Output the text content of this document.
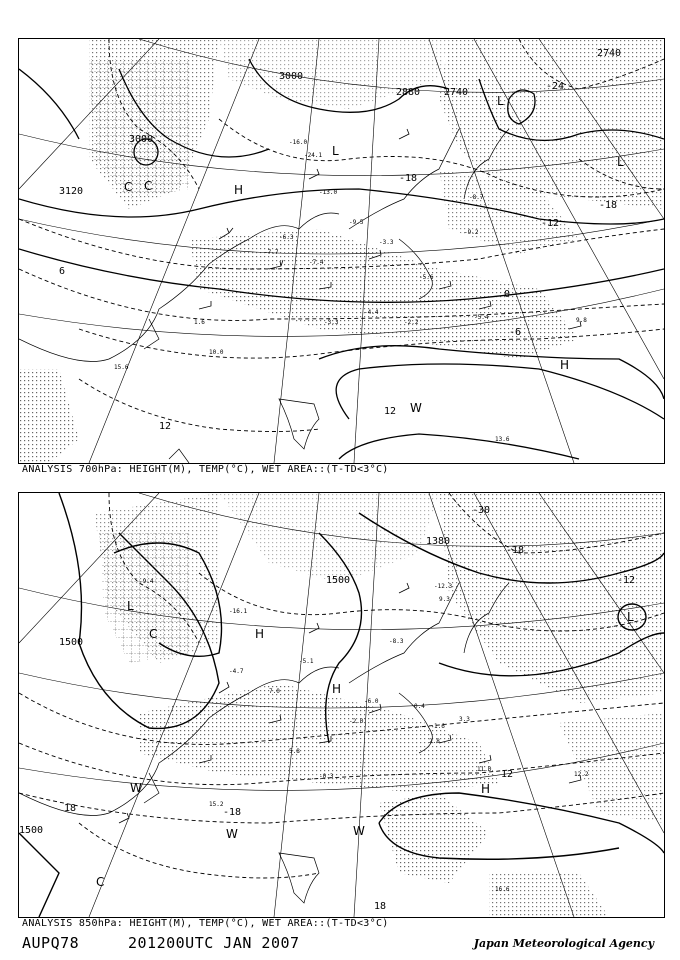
3000
3000
3120
2880 2740
2740
-12
-18
-24
-6
0
6
12
12
-18
L
L
L
H
H
C
C
W
-16.0
-24.1
-13.0
-9.5
-6.3
-7.7
-7.4
-3.3
-9.2
-5.6
-4.4
-2.2
1.6
10.0
15.6
13.6
9.8
-3.3
-8.7
-5.4
ANALYSIS 700hPa: HEIGHT(M), TEMP(°C), WET AREA::(T-TD<3°C)
1500
1500
1500
1380
-30
-18
-12
12
18
18
-18
L
L
H
H
H
C
C
W
W	W
-16.1
-12.3
-8.3
-5.1
-2.0
0.4
1.6
3.3
5.8
9.3
11.0
12.2
15.2
16.6
-0.3
-4.7
-9.4
-6.0
2.8
7.0
ANALYSIS 850hPa: HEIGHT(M), TEMP(°C), WET AREA::(T-TD<3°C)
AUPQ78	201200UTC JAN 2007	Japan Meteorological Agency
